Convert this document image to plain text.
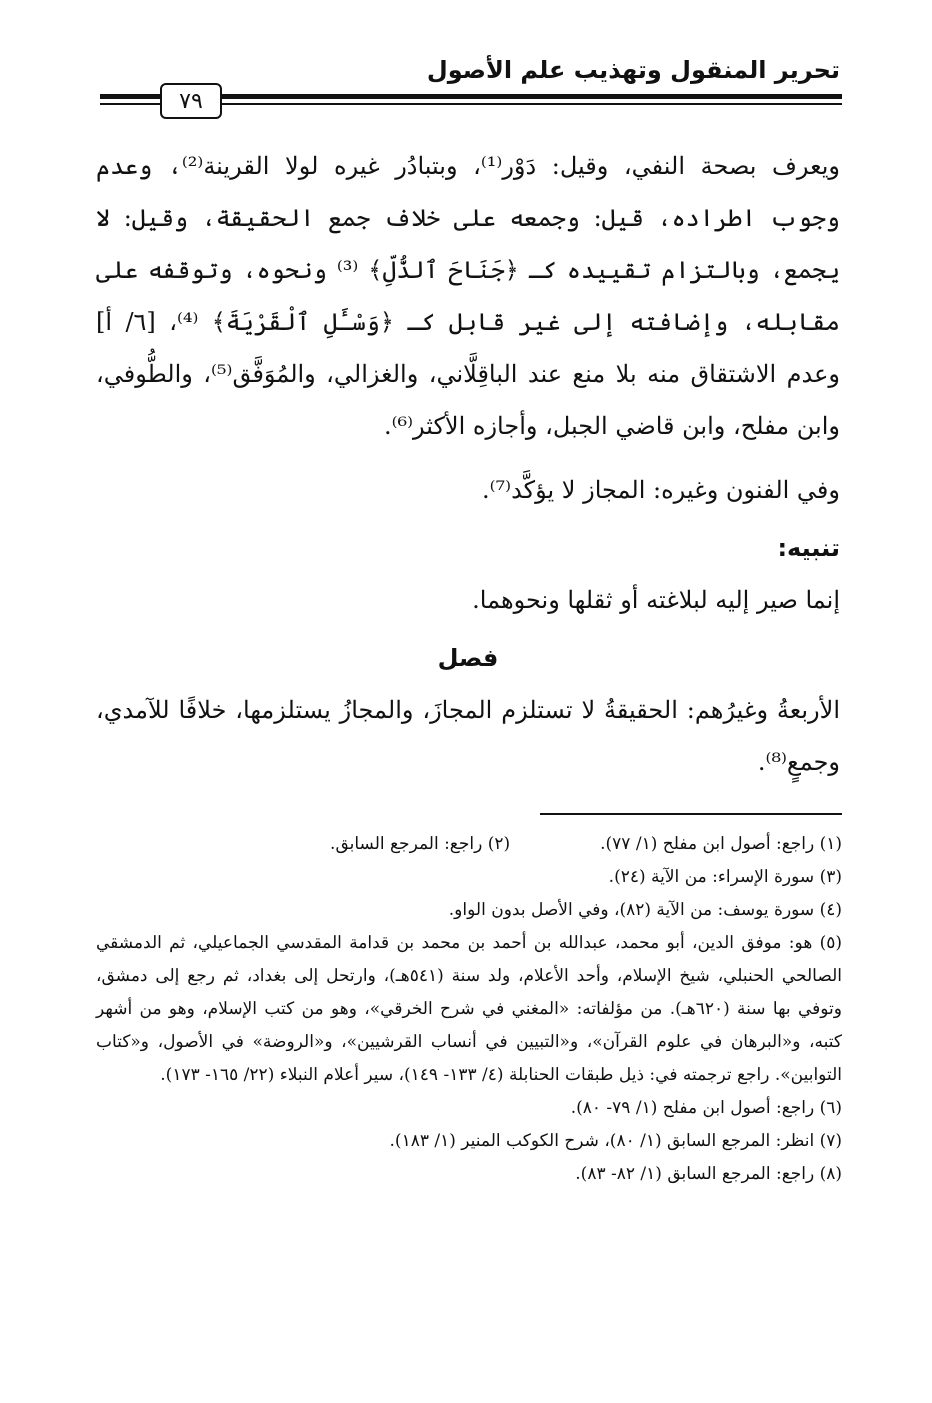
تحرير المنقول وتهذيب علم الأصول
٧٩

ويعرف بصحة النفي، وقيل: دَوْر⁽¹⁾، وبتبادُر غيره لولا القرينة⁽²⁾، وعدم وجوب اطراده، قيل: وجمعه على خلاف جمع الحقيقة، وقيل: لا يجمع، وبالتزام تقييده كـ ﴿جَنَاحَ ٱلذُّلِّ﴾ ⁽³⁾ ونحوه، وتوقفه على مقابله، وإضافته إلى غير قابل كـ ﴿وَسْـَٔلِ ٱلْقَرْيَةَ﴾ ⁽⁴⁾، [٦/ أ] وعدم الاشتقاق منه بلا منع عند الباقِلَّاني، والغزالي، والمُوَفَّق⁽⁵⁾، والطُّوفي، وابن مفلح، وابن قاضي الجبل، وأجازه الأكثر⁽⁶⁾.

وفي الفنون وغيره: المجاز لا يؤكَّد⁽⁷⁾.

تنبيه:

إنما صير إليه لبلاغته أو ثقلها ونحوهما.

فصل

الأربعةُ وغيرُهم: الحقيقةُ لا تستلزم المجازَ، والمجازُ يستلزمها، خلافًا للآمدي، وجمعٍ⁽⁸⁾.

(١) راجع: أصول ابن مفلح (١/ ٧٧).
(٢) راجع: المرجع السابق.

(٣) سورة الإسراء: من الآية (٢٤).

(٤) سورة يوسف: من الآية (٨٢)، وفي الأصل بدون الواو.

(٥) هو: موفق الدين، أبو محمد، عبدالله بن أحمد بن محمد بن قدامة المقدسي الجماعيلي، ثم الدمشقي الصالحي الحنبلي، شيخ الإسلام، وأحد الأعلام، ولد سنة (٥٤١هـ)، وارتحل إلى بغداد، ثم رجع إلى دمشق، وتوفي بها سنة (٦٢٠هـ). من مؤلفاته: «المغني في شرح الخرقي»، وهو من كتب الإسلام، وهو من أشهر كتبه، و«البرهان في علوم القرآن»، و«التبيين في أنساب القرشيين»، و«الروضة» في الأصول، و«كتاب التوابين». راجع ترجمته في: ذيل طبقات الحنابلة (٤/ ١٣٣- ١٤٩)، سير أعلام النبلاء (٢٢/ ١٦٥- ١٧٣).

(٦) راجع: أصول ابن مفلح (١/ ٧٩- ٨٠).

(٧) انظر: المرجع السابق (١/ ٨٠)، شرح الكوكب المنير (١/ ١٨٣).

(٨) راجع: المرجع السابق (١/ ٨٢- ٨٣).
